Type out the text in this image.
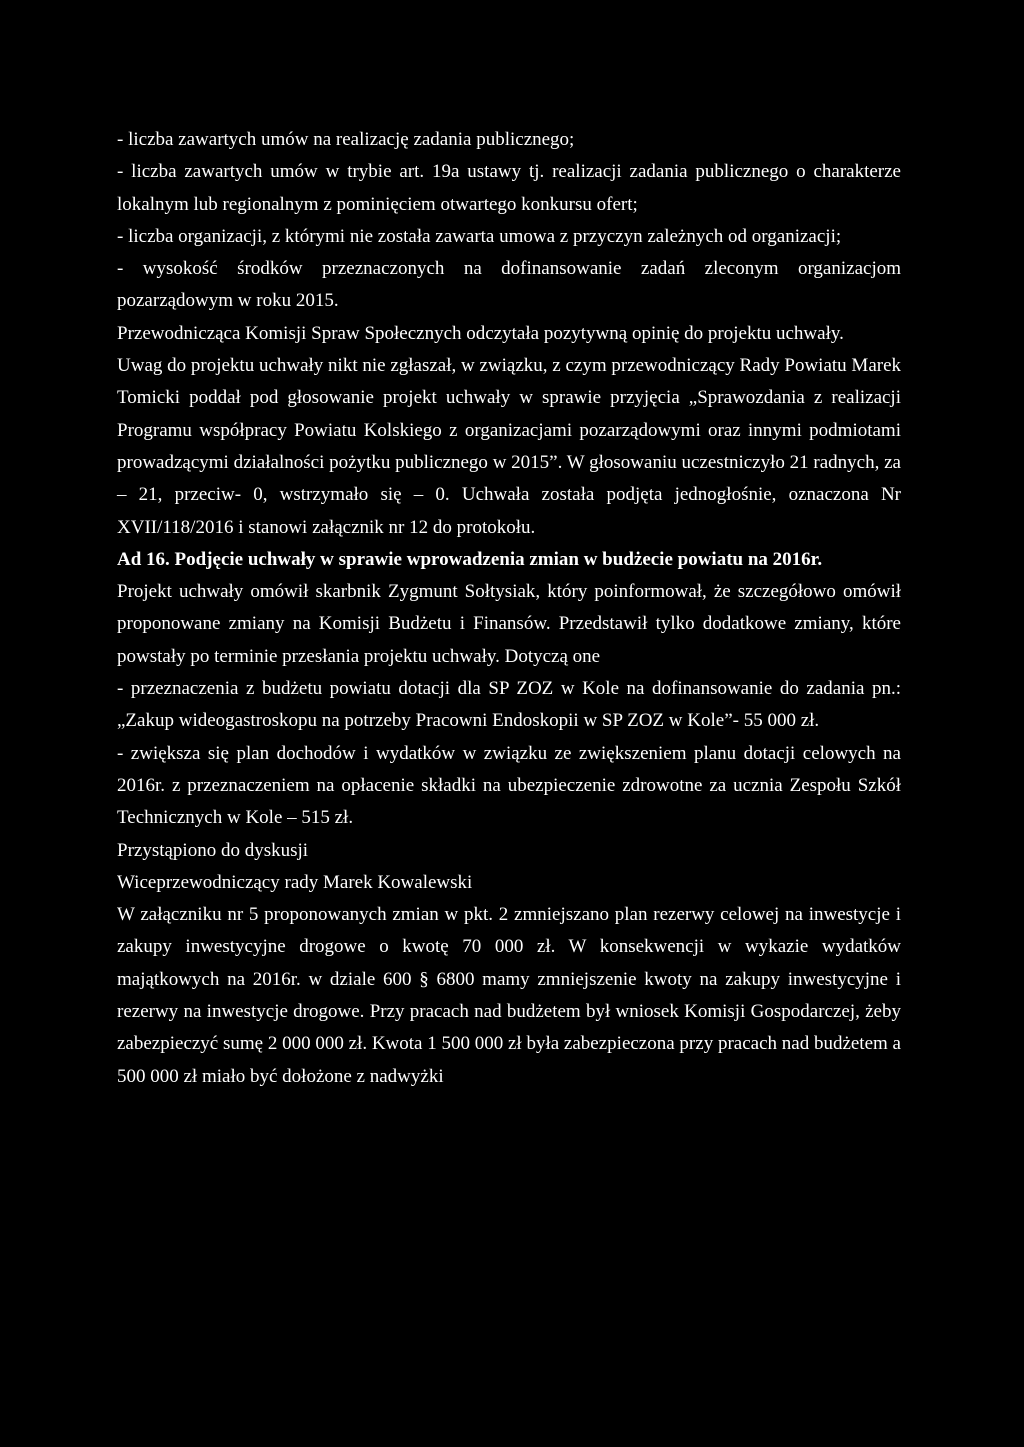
- liczba zawartych umów na realizację zadania publicznego;

- liczba zawartych umów w trybie art. 19a ustawy tj. realizacji zadania publicznego o charakterze lokalnym lub regionalnym z pominięciem otwartego konkursu ofert;

- liczba organizacji, z którymi nie została zawarta umowa z przyczyn zależnych od organizacji;

- wysokość środków przeznaczonych na dofinansowanie zadań zleconym organizacjom pozarządowym w roku 2015.

Przewodnicząca Komisji Spraw Społecznych odczytała pozytywną opinię do projektu uchwały.

Uwag do projektu uchwały nikt nie zgłaszał, w związku, z czym przewodniczący Rady Powiatu Marek Tomicki poddał pod głosowanie projekt uchwały w sprawie przyjęcia „Sprawozdania z realizacji Programu współpracy Powiatu Kolskiego z organizacjami pozarządowymi oraz innymi podmiotami prowadzącymi działalności pożytku publicznego w 2015”. W głosowaniu uczestniczyło 21 radnych, za – 21, przeciw- 0, wstrzymało się – 0. Uchwała została podjęta jednogłośnie, oznaczona Nr XVII/118/2016 i stanowi załącznik nr 12 do protokołu.

Ad 16. Podjęcie uchwały w sprawie wprowadzenia zmian w budżecie powiatu na 2016r.

Projekt uchwały omówił skarbnik Zygmunt Sołtysiak, który poinformował, że szczegółowo omówił proponowane zmiany na Komisji Budżetu i Finansów. Przedstawił tylko dodatkowe zmiany, które powstały po terminie przesłania projektu uchwały. Dotyczą one

- przeznaczenia z budżetu powiatu dotacji dla SP ZOZ w Kole na dofinansowanie do zadania pn.: „Zakup wideogastroskopu na potrzeby Pracowni Endoskopii w SP ZOZ w Kole”- 55 000 zł.

- zwiększa się plan dochodów i wydatków w związku ze zwiększeniem planu dotacji celowych na 2016r. z przeznaczeniem na opłacenie składki na ubezpieczenie zdrowotne za ucznia Zespołu Szkół Technicznych w Kole – 515 zł.

Przystąpiono do dyskusji

Wiceprzewodniczący rady Marek Kowalewski

W załączniku nr 5 proponowanych zmian w pkt. 2 zmniejszano plan rezerwy celowej na inwestycje i zakupy inwestycyjne drogowe o kwotę 70 000 zł. W konsekwencji w wykazie wydatków majątkowych na 2016r. w dziale 600 § 6800 mamy zmniejszenie kwoty na zakupy inwestycyjne i rezerwy na inwestycje drogowe. Przy pracach nad budżetem był wniosek Komisji Gospodarczej, żeby zabezpieczyć sumę 2 000 000 zł. Kwota 1 500 000 zł była zabezpieczona przy pracach nad budżetem a 500 000 zł miało być dołożone z nadwyżki
